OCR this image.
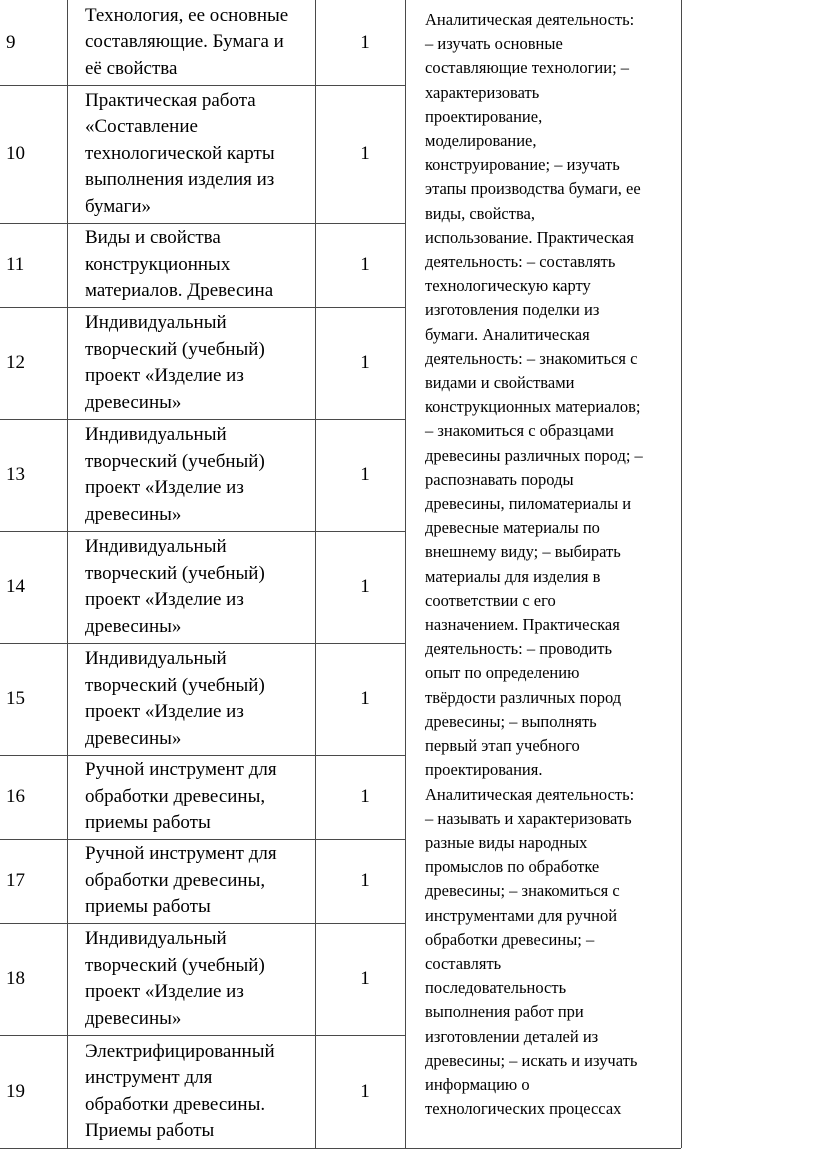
9
Технология, ее основные
составляющие. Бумага и
её свойства
1
10
Практическая работа
«Составление
технологической карты
выполнения изделия из
бумаги»
1
11
Виды и свойства
конструкционных
материалов. Древесина
1
12
Индивидуальный
творческий (учебный)
проект «Изделие из
древесины»
1
13
Индивидуальный
творческий (учебный)
проект «Изделие из
древесины»
1
14
Индивидуальный
творческий (учебный)
проект «Изделие из
древесины»
1
15
Индивидуальный
творческий (учебный)
проект «Изделие из
древесины»
1
16
Ручной инструмент для
обработки древесины,
приемы работы
1
17
Ручной инструмент для
обработки древесины,
приемы работы
1
18
Индивидуальный
творческий (учебный)
проект «Изделие из
древесины»
1
19
Электрифицированный
инструмент для
обработки древесины.
Приемы работы
1
Аналитическая деятельность:
– изучать основные
составляющие технологии; –
характеризовать
проектирование,
моделирование,
конструирование; – изучать
этапы производства бумаги, ее
виды, свойства,
использование. Практическая
деятельность: – составлять
технологическую карту
изготовления поделки из
бумаги. Аналитическая
деятельность: – знакомиться с
видами и свойствами
конструкционных материалов;
– знакомиться с образцами
древесины различных пород; –
распознавать породы
древесины, пиломатериалы и
древесные материалы по
внешнему виду; – выбирать
материалы для изделия в
соответствии с его
назначением. Практическая
деятельность: – проводить
опыт по определению
твёрдости различных пород
древесины; – выполнять
первый этап учебного
проектирования.
Аналитическая деятельность:
– называть и характеризовать
разные виды народных
промыслов по обработке
древесины; – знакомиться с
инструментами для ручной
обработки древесины; –
составлять
последовательность
выполнения работ при
изготовлении деталей из
древесины; – искать и изучать
информацию о
технологических процессах
